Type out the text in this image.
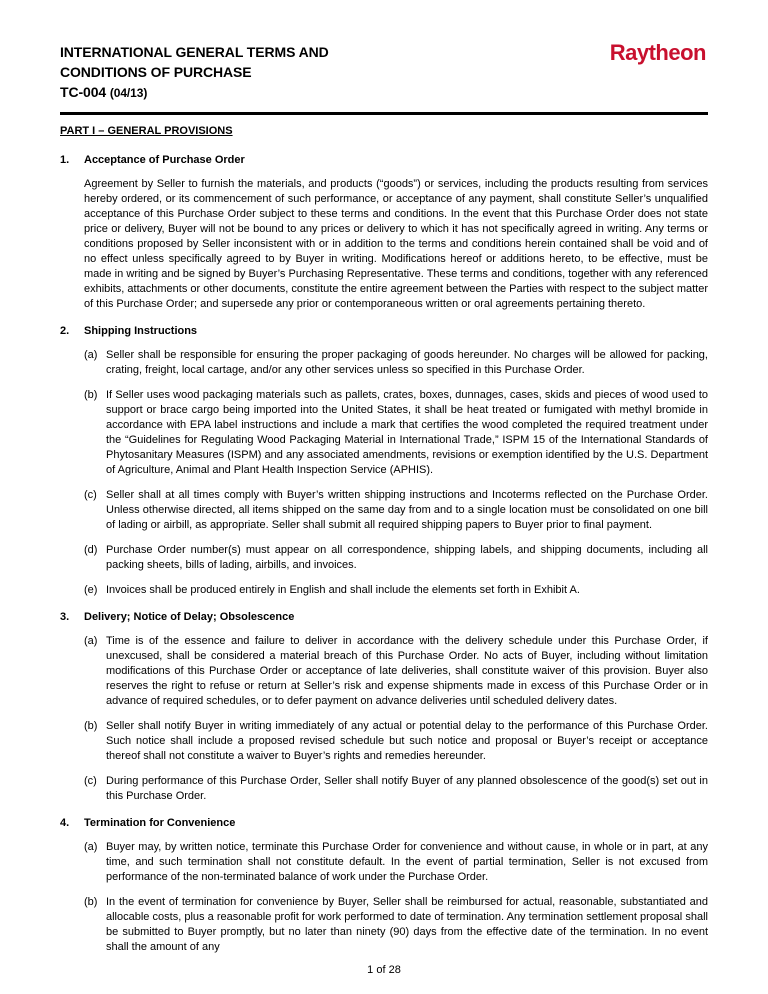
INTERNATIONAL GENERAL TERMS AND
CONDITIONS OF PURCHASE
TC-004 (04/13)
Raytheon
PART I – GENERAL PROVISIONS
1.	Acceptance of Purchase Order
Agreement by Seller to furnish the materials, and products (“goods”) or services, including the products resulting from services hereby ordered, or its commencement of such performance, or acceptance of any payment, shall constitute Seller’s unqualified acceptance of this Purchase Order subject to these terms and conditions. In the event that this Purchase Order does not state price or delivery, Buyer will not be bound to any prices or delivery to which it has not specifically agreed in writing. Any terms or conditions proposed by Seller inconsistent with or in addition to the terms and conditions herein contained shall be void and of no effect unless specifically agreed to by Buyer in writing. Modifications hereof or additions hereto, to be effective, must be made in writing and be signed by Buyer’s Purchasing Representative. These terms and conditions, together with any referenced exhibits, attachments or other documents, constitute the entire agreement between the Parties with respect to the subject matter of this Purchase Order; and supersede any prior or contemporaneous written or oral agreements pertaining thereto.
2.	Shipping Instructions
(a) Seller shall be responsible for ensuring the proper packaging of goods hereunder. No charges will be allowed for packing, crating, freight, local cartage, and/or any other services unless so specified in this Purchase Order.
(b) If Seller uses wood packaging materials such as pallets, crates, boxes, dunnages, cases, skids and pieces of wood used to support or brace cargo being imported into the United States, it shall be heat treated or fumigated with methyl bromide in accordance with EPA label instructions and include a mark that certifies the wood completed the required treatment under the “Guidelines for Regulating Wood Packaging Material in International Trade,” ISPM 15 of the International Standards of Phytosanitary Measures (ISPM) and any associated amendments, revisions or exemption identified by the U.S. Department of Agriculture, Animal and Plant Health Inspection Service (APHIS).
(c) Seller shall at all times comply with Buyer’s written shipping instructions and Incoterms reflected on the Purchase Order. Unless otherwise directed, all items shipped on the same day from and to a single location must be consolidated on one bill of lading or airbill, as appropriate. Seller shall submit all required shipping papers to Buyer prior to final payment.
(d) Purchase Order number(s) must appear on all correspondence, shipping labels, and shipping documents, including all packing sheets, bills of lading, airbills, and invoices.
(e) Invoices shall be produced entirely in English and shall include the elements set forth in Exhibit A.
3.	Delivery; Notice of Delay; Obsolescence
(a) Time is of the essence and failure to deliver in accordance with the delivery schedule under this Purchase Order, if unexcused, shall be considered a material breach of this Purchase Order. No acts of Buyer, including without limitation modifications of this Purchase Order or acceptance of late deliveries, shall constitute waiver of this provision. Buyer also reserves the right to refuse or return at Seller’s risk and expense shipments made in excess of this Purchase Order or in advance of required schedules, or to defer payment on advance deliveries until scheduled delivery dates.
(b) Seller shall notify Buyer in writing immediately of any actual or potential delay to the performance of this Purchase Order. Such notice shall include a proposed revised schedule but such notice and proposal or Buyer’s receipt or acceptance thereof shall not constitute a waiver to Buyer’s rights and remedies hereunder.
(c) During performance of this Purchase Order, Seller shall notify Buyer of any planned obsolescence of the good(s) set out in this Purchase Order.
4.	Termination for Convenience
(a) Buyer may, by written notice, terminate this Purchase Order for convenience and without cause, in whole or in part, at any time, and such termination shall not constitute default. In the event of partial termination, Seller is not excused from performance of the non-terminated balance of work under the Purchase Order.
(b) In the event of termination for convenience by Buyer, Seller shall be reimbursed for actual, reasonable, substantiated and allocable costs, plus a reasonable profit for work performed to date of termination. Any termination settlement proposal shall be submitted to Buyer promptly, but no later than ninety (90) days from the effective date of the termination. In no event shall the amount of any
1 of 28
